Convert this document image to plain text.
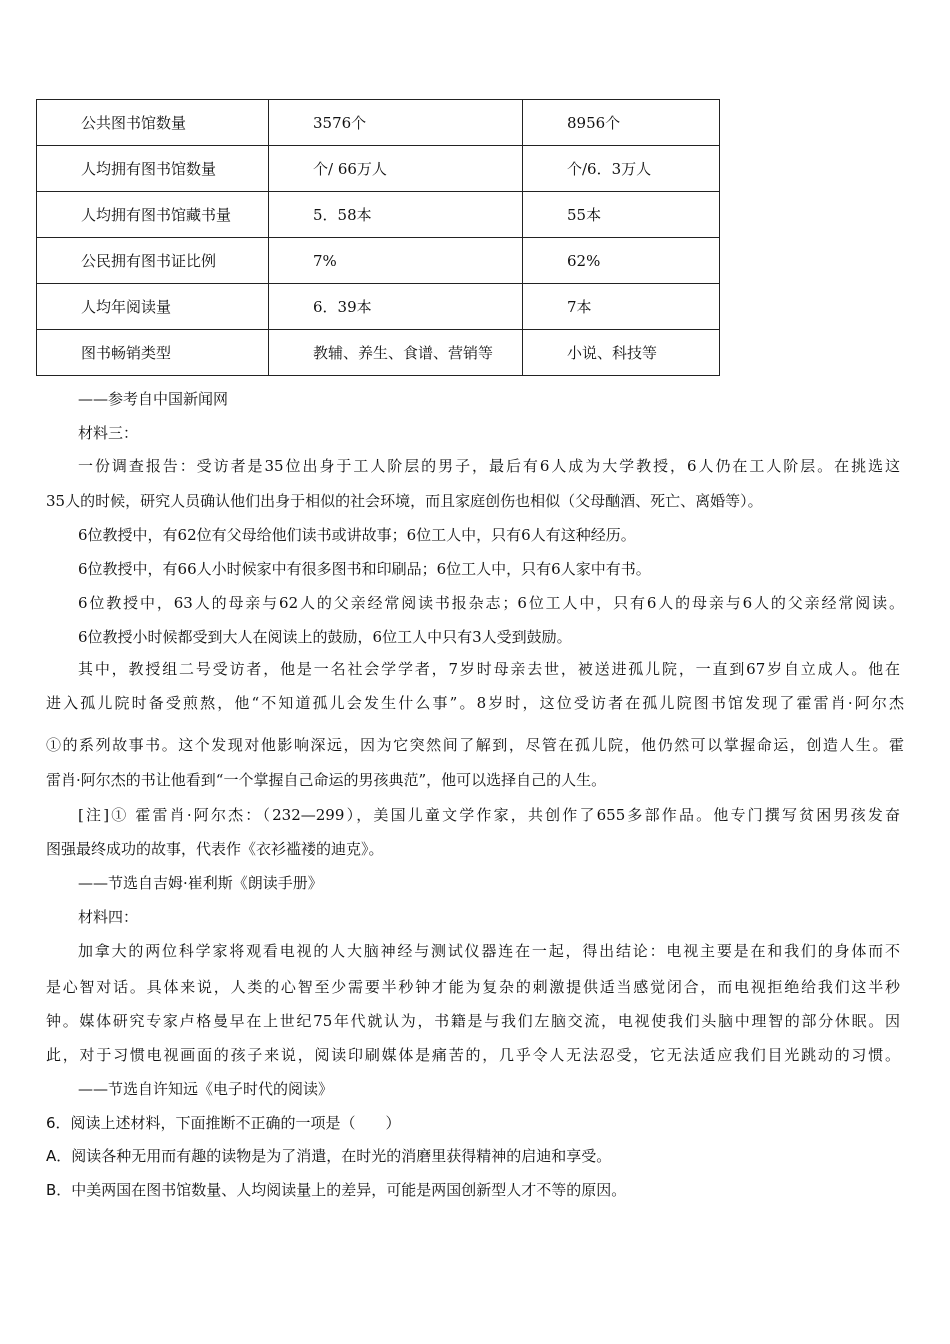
公共图书馆数量	3576个	8956个
人均拥有图书馆数量	个/ 66万人	个/6．3万人
人均拥有图书馆藏书量	5．58本	55本
公民拥有图书证比例	7%	62%
人均年阅读量	6．39本	7本
图书畅销类型	教辅、养生、食谱、营销等	小说、科技等
——参考自中国新闻网
材料三：
一份调查报告：受访者是35位出身于工人阶层的男子，最后有6人成为大学教授，6人仍在工人阶层。在挑选这
35人的时候，研究人员确认他们出身于相似的社会环境，而且家庭创伤也相似（父母酗酒、死亡、离婚等）。
6位教授中，有62位有父母给他们读书或讲故事；6位工人中，只有6人有这种经历。
6位教授中，有66人小时候家中有很多图书和印刷品；6位工人中，只有6人家中有书。
6位教授中，63人的母亲与62人的父亲经常阅读书报杂志；6位工人中，只有6人的母亲与6人的父亲经常阅读。
6位教授小时候都受到大人在阅读上的鼓励，6位工人中只有3人受到鼓励。
其中，教授组二号受访者，他是一名社会学学者，7岁时母亲去世，被送进孤儿院，一直到67岁自立成人。他在
进入孤儿院时备受煎熬，他“不知道孤儿会发生什么事”。8岁时，这位受访者在孤儿院图书馆发现了霍雷肖·阿尔杰
①的系列故事书。这个发现对他影响深远，因为它突然间了解到，尽管在孤儿院，他仍然可以掌握命运，创造人生。霍
雷肖·阿尔杰的书让他看到“一个掌握自己命运的男孩典范”，他可以选择自己的人生。
[注]① 霍雷肖·阿尔杰：（232—299），美国儿童文学作家，共创作了655多部作品。他专门撰写贫困男孩发奋
图强最终成功的故事，代表作《衣衫褴褛的迪克》。
——节选自吉姆·崔利斯《朗读手册》
材料四：
加拿大的两位科学家将观看电视的人大脑神经与测试仪器连在一起，得出结论：电视主要是在和我们的身体而不
是心智对话。具体来说，人类的心智至少需要半秒钟才能为复杂的刺激提供适当感觉闭合，而电视拒绝给我们这半秒
钟。媒体研究专家卢格曼早在上世纪75年代就认为，书籍是与我们左脑交流，电视使我们头脑中理智的部分休眠。因
此，对于习惯电视画面的孩子来说，阅读印刷媒体是痛苦的，几乎令人无法忍受，它无法适应我们目光跳动的习惯。
——节选自许知远《电子时代的阅读》
6．阅读上述材料，下面推断不正确的一项是（　　）
A．阅读各种无用而有趣的读物是为了消遣，在时光的消磨里获得精神的启迪和享受。
B．中美两国在图书馆数量、人均阅读量上的差异，可能是两国创新型人才不等的原因。
